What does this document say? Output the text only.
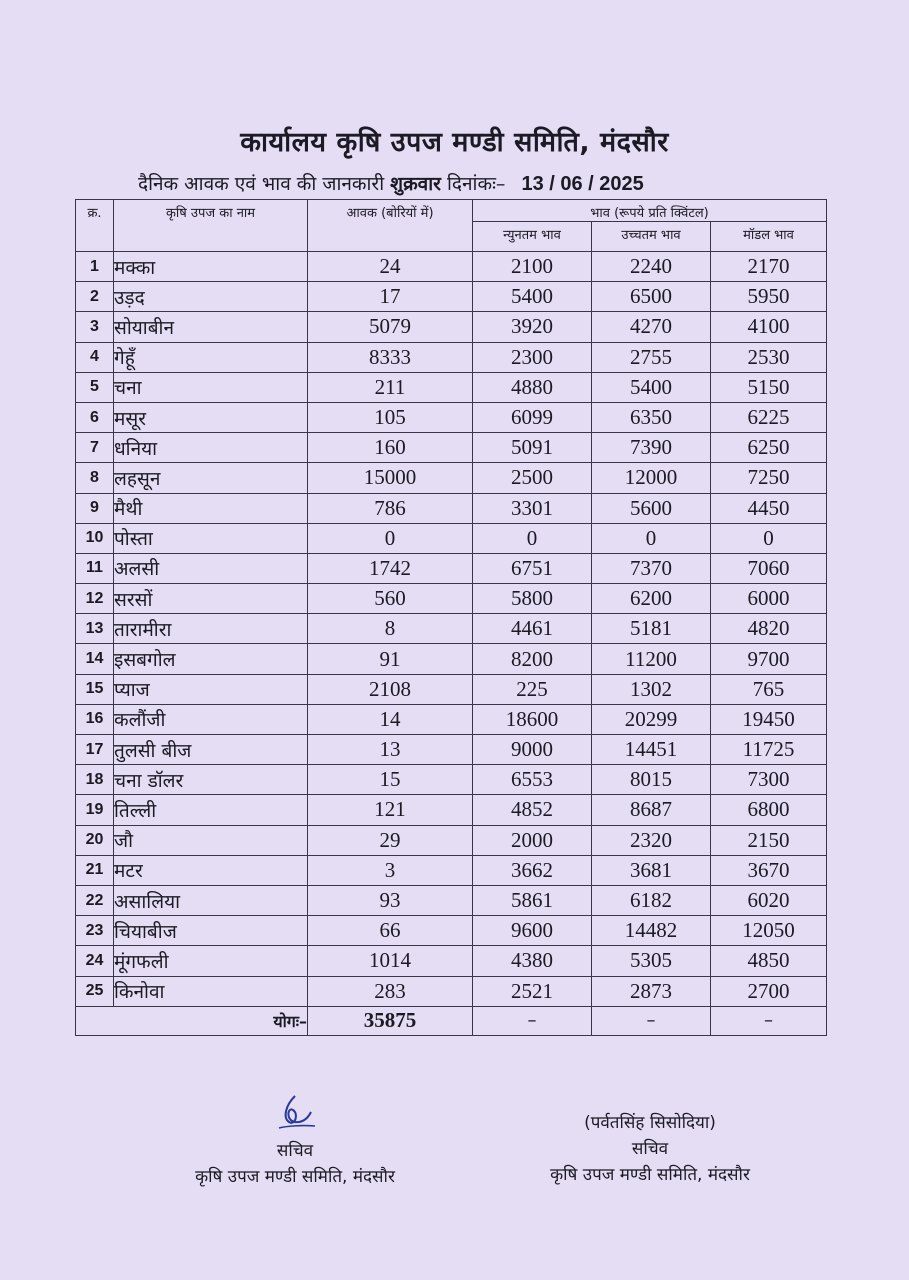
कार्यालय कृषि उपज मण्डी समिति, मंदसौर
दैनिक आवक एवं भाव की जानकारी शुक्रवार दिनांकः– 13 / 06 / 2025
क्र.	कृषि उपज का नाम	आवक (बोरियों में)	भाव (रूपये प्रति क्विंटल)		
			न्युनतम भाव	उच्चतम भाव	मॉडल भाव
1	मक्का	24	2100	2240	2170
2	उड़द	17	5400	6500	5950
3	सोयाबीन	5079	3920	4270	4100
4	गेहूँ	8333	2300	2755	2530
5	चना	211	4880	5400	5150
6	मसूर	105	6099	6350	6225
7	धनिया	160	5091	7390	6250
8	लहसून	15000	2500	12000	7250
9	मैथी	786	3301	5600	4450
10	पोस्ता	0	0	0	0
11	अलसी	1742	6751	7370	7060
12	सरसों	560	5800	6200	6000
13	तारामीरा	8	4461	5181	4820
14	इसबगोल	91	8200	11200	9700
15	प्याज	2108	225	1302	765
16	कलौंजी	14	18600	20299	19450
17	तुलसी बीज	13	9000	14451	11725
18	चना डॉलर	15	6553	8015	7300
19	तिल्ली	121	4852	8687	6800
20	जौ	29	2000	2320	2150
21	मटर	3	3662	3681	3670
22	असालिया	93	5861	6182	6020
23	चियाबीज	66	9600	14482	12050
24	मूंगफली	1014	4380	5305	4850
25	किनोवा	283	2521	2873	2700
योगः–		35875	–	–	–
सचिव
कृषि उपज मण्डी समिति, मंदसौर
(पर्वतसिंह सिसोदिया)
सचिव
कृषि उपज मण्डी समिति, मंदसौर
